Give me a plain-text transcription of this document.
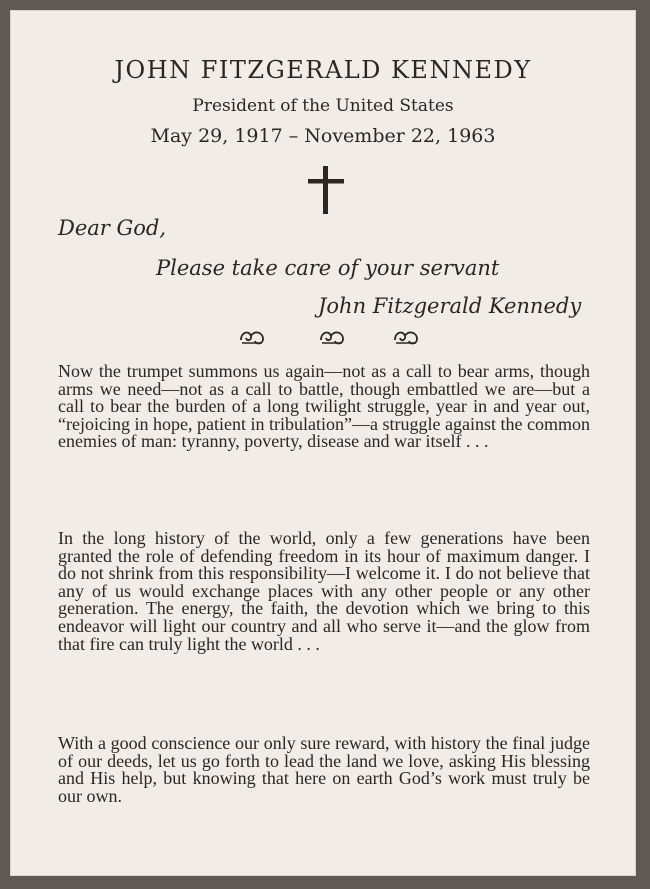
JOHN FITZGERALD KENNEDY
President of the United States
May 29, 1917 – November 22, 1963
Dear God,
Please take care of your servant
John Fitzgerald Kennedy

Now the trumpet summons us again—not as a call to bear arms, though arms we need—not as a call to battle, though embattled we are—but a call to bear the burden of a long twilight struggle, year in and year out, “rejoicing in hope, patient in tribulation”—a struggle against the common enemies of man: tyranny, poverty, disease and war itself . . .

In the long history of the world, only a few generations have been granted the role of defending freedom in its hour of maximum danger. I do not shrink from this responsibility—I welcome it. I do not believe that any of us would exchange places with any other people or any other generation. The energy, the faith, the devotion which we bring to this endeavor will light our country and all who serve it—and the glow from that fire can truly light the world . . .

With a good conscience our only sure reward, with history the final judge of our deeds, let us go forth to lead the land we love, asking His blessing and His help, but knowing that here on earth God’s work must truly be our own.
